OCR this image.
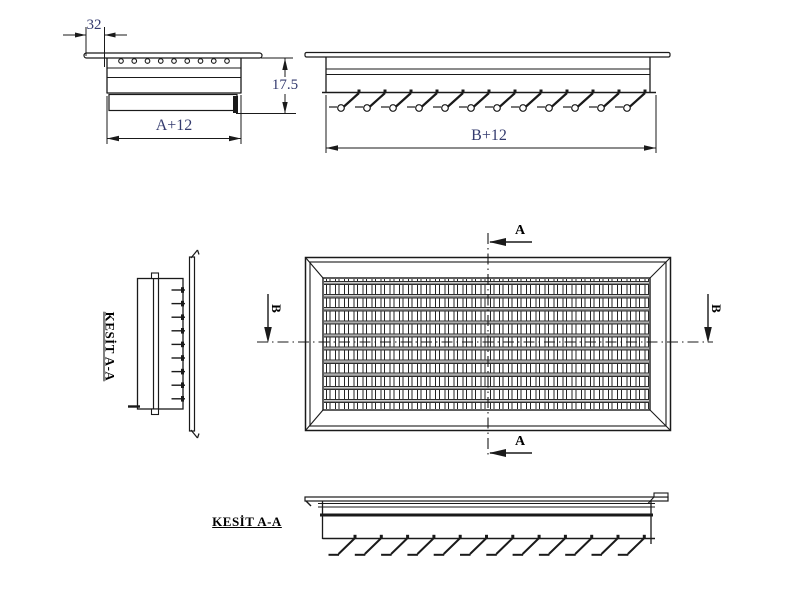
32
17.5
A+12
B+12
A
A
B	B
KESİT A-A
KESİT A-A
